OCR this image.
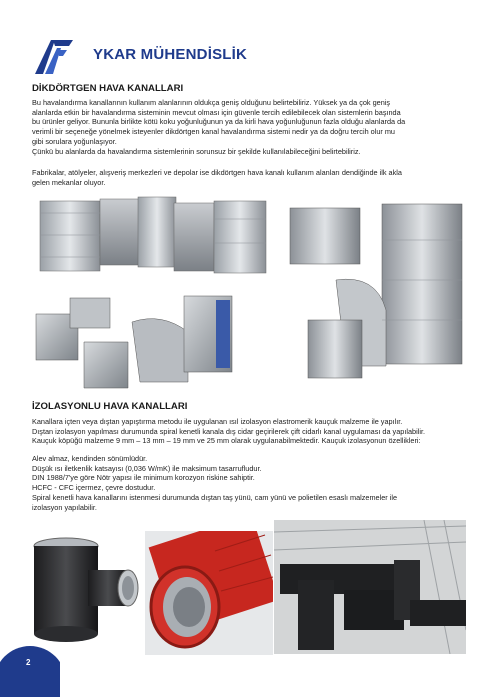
YKAR MÜHENDİSLİK
DİKDÖRTGEN HAVA KANALLARI
Bu havalandırma kanallarının kullanım alanlarının oldukça geniş olduğunu belirtebiliriz. Yüksek ya da çok geniş
alanlarda etkin bir havalandırma sisteminin mevcut olması için güvenle tercih edilebilecek olan sistemlerin başında
bu ürünler geliyor. Bununla birlikte kötü koku yoğunluğunun ya da kirli hava yoğunluğunun fazla olduğu alanlarda da
verimli bir seçeneğe yönelmek isteyenler dikdörtgen kanal havalandırma sistemi nedir ya da doğru tercih olur mu
gibi sorulara yoğunlaşıyor.
Çünkü bu alanlarda da havalandırma sistemlerinin sorunsuz bir şekilde kullanılabileceğini belirtebiliriz.
Fabrikalar, atölyeler, alışveriş merkezleri ve depolar ise dikdörtgen hava kanalı kullanım alanları dendiğinde ilk akla
gelen mekanlar oluyor.
İZOLASYONLU HAVA KANALLARI
Kanallara içten veya dıştan yapıştırma metodu ile uygulanan ısıl izolasyon elastromerik kauçuk malzeme ile yapılır.
Dıştan izolasyon yapılması durumunda spiral kenetli kanala dış cidar geçirilerek çift cidarlı kanal uygulaması da yapılabilir.
Kauçuk köpüğü malzeme 9 mm – 13 mm – 19 mm ve 25 mm olarak uygulanabilmektedir. Kauçuk izolasyonun özellikleri:
Alev almaz, kendinden sönümlüdür.
Düşük ısı iletkenlik katsayısı (0,036 W/mK) ile maksimum tasarrufludur.
DIN 1988/7'ye göre Nötr yapısı ile minimum korozyon riskine sahiptir.
HCFC - CFC içermez, çevre dostudur.
Spiral kenetli hava kanallarını istenmesi durumunda dıştan taş yünü, cam yünü ve polietilen esaslı malzemeler ile
izolasyon yapılabilir.
2
